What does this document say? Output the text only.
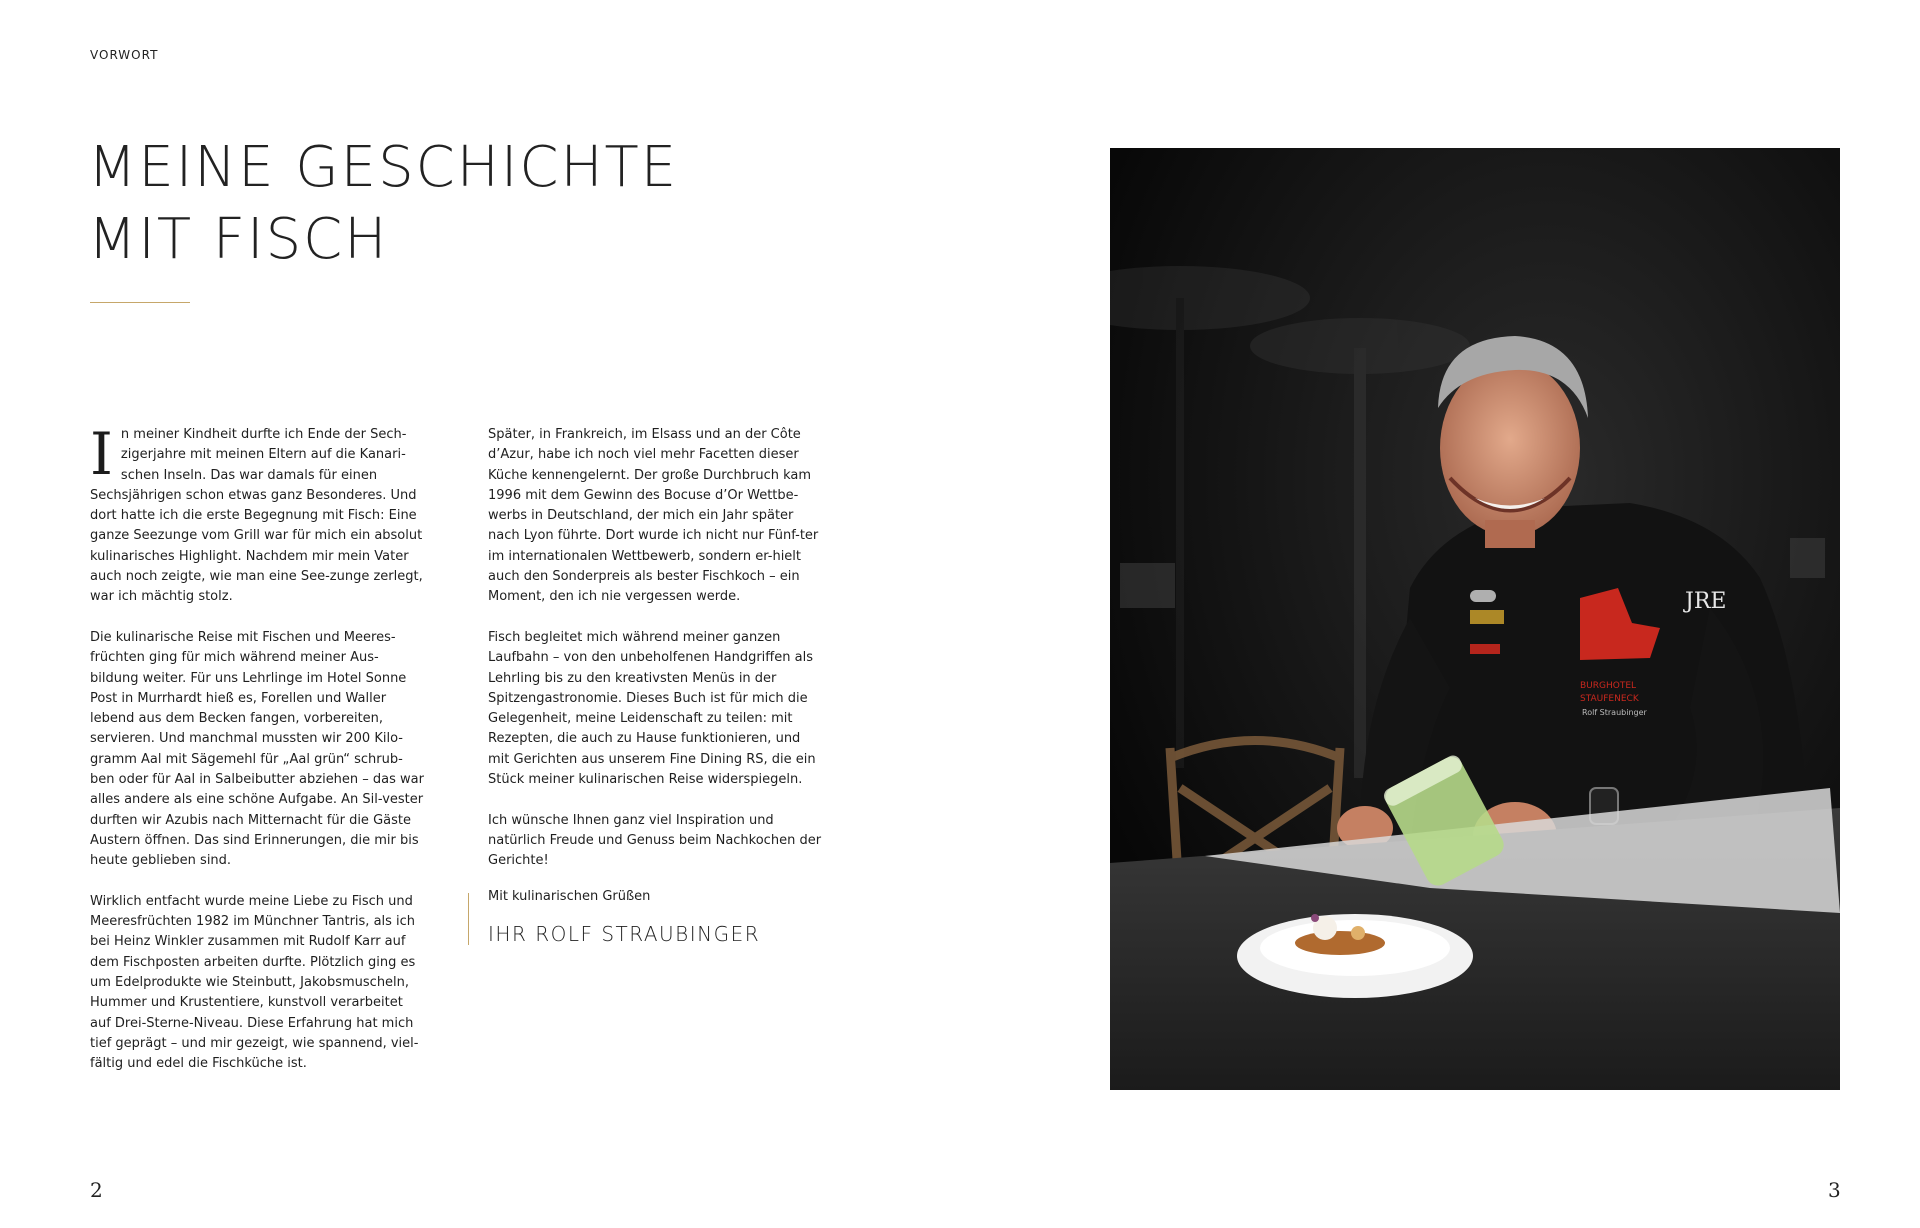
VORWORT
MEINE GESCHICHTE
MIT FISCH

In meiner Kindheit durfte ich Ende der Sech-zigerjahre mit meinen Eltern auf die Kanari-schen Inseln. Das war damals für einen Sechsjährigen schon etwas ganz Besonderes. Und dort hatte ich die erste Begegnung mit Fisch: Eine ganze Seezunge vom Grill war für mich ein absolut kulinarisches Highlight. Nachdem mir mein Vater auch noch zeigte, wie man eine See-zunge zerlegt, war ich mächtig stolz.

Die kulinarische Reise mit Fischen und Meeres-früchten ging für mich während meiner Aus-bildung weiter. Für uns Lehrlinge im Hotel Sonne Post in Murrhardt hieß es, Forellen und Waller lebend aus dem Becken fangen, vorbereiten, servieren. Und manchmal mussten wir 200 Kilo-gramm Aal mit Sägemehl für „Aal grün“ schrub-ben oder für Aal in Salbeibutter abziehen – das war alles andere als eine schöne Aufgabe. An Sil-vester durften wir Azubis nach Mitternacht für die Gäste Austern öffnen. Das sind Erinnerungen, die mir bis heute geblieben sind.

Wirklich entfacht wurde meine Liebe zu Fisch und Meeresfrüchten 1982 im Münchner Tantris, als ich bei Heinz Winkler zusammen mit Rudolf Karr auf dem Fischposten arbeiten durfte. Plötzlich ging es um Edelprodukte wie Steinbutt, Jakobsmuscheln, Hummer und Krustentiere, kunstvoll verarbeitet auf Drei-Sterne-Niveau. Diese Erfahrung hat mich tief geprägt – und mir gezeigt, wie spannend, viel-fältig und edel die Fischküche ist.

Später, in Frankreich, im Elsass und an der Côte d’Azur, habe ich noch viel mehr Facetten dieser Küche kennengelernt. Der große Durchbruch kam 1996 mit dem Gewinn des Bocuse d’Or Wettbe-werbs in Deutschland, der mich ein Jahr später nach Lyon führte. Dort wurde ich nicht nur Fünf-ter im internationalen Wettbewerb, sondern er-hielt auch den Sonderpreis als bester Fischkoch – ein Moment, den ich nie vergessen werde.

Fisch begleitet mich während meiner ganzen Laufbahn – von den unbeholfenen Handgriffen als Lehrling bis zu den kreativsten Menüs in der Spitzengastronomie. Dieses Buch ist für mich die Gelegenheit, meine Leidenschaft zu teilen: mit Rezepten, die auch zu Hause funktionieren, und mit Gerichten aus unserem Fine Dining RS, die ein Stück meiner kulinarischen Reise widerspiegeln.

Ich wünsche Ihnen ganz viel Inspiration und natürlich Freude und Genuss beim Nachkochen der Gerichte!

Mit kulinarischen Grüßen
IHR ROLF STRAUBINGER
BURGHOTEL
STAUFENECK
Rolf Straubinger
JRE
2	3
